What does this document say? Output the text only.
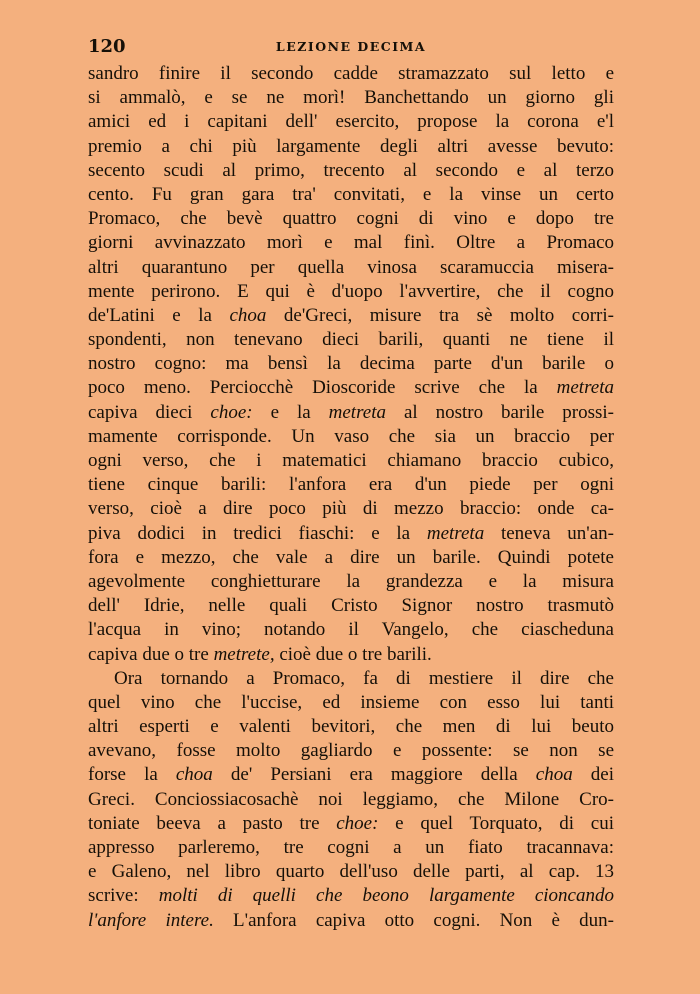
120	LEZIONE DECIMA
sandro finire il secondo cadde stramazzato sul letto e
si ammalò, e se ne morì! Banchettando un giorno gli
amici ed i capitani dell' esercito, propose la corona e'l
premio a chi più largamente degli altri avesse bevuto:
secento scudi al primo, trecento al secondo e al terzo
cento. Fu gran gara tra' convitati, e la vinse un certo
Promaco, che bevè quattro cogni di vino e dopo tre
giorni avvinazzato morì e mal finì. Oltre a Promaco
altri quarantuno per quella vinosa scaramuccia misera-
mente perirono. E qui è d'uopo l'avvertire, che il cogno
de'Latini e la choa de'Greci, misure tra sè molto corri-
spondenti, non tenevano dieci barili, quanti ne tiene il
nostro cogno: ma bensì la decima parte d'un barile o
poco meno. Perciocchè Dioscoride scrive che la metreta
capiva dieci choe: e la metreta al nostro barile prossi-
mamente corrisponde. Un vaso che sia un braccio per
ogni verso, che i matematici chiamano braccio cubico,
tiene cinque barili: l'anfora era d'un piede per ogni
verso, cioè a dire poco più di mezzo braccio: onde ca-
piva dodici in tredici fiaschi: e la metreta teneva un'an-
fora e mezzo, che vale a dire un barile. Quindi potete
agevolmente conghietturare la grandezza e la misura
dell' Idrie, nelle quali Cristo Signor nostro trasmutò
l'acqua in vino; notando il Vangelo, che ciascheduna
capiva due o tre metrete, cioè due o tre barili.
Ora tornando a Promaco, fa di mestiere il dire che
quel vino che l'uccise, ed insieme con esso lui tanti
altri esperti e valenti bevitori, che men di lui beuto
avevano, fosse molto gagliardo e possente: se non se
forse la choa de' Persiani era maggiore della choa dei
Greci. Conciossiacosachè noi leggiamo, che Milone Cro-
toniate beeva a pasto tre choe: e quel Torquato, di cui
appresso parleremo, tre cogni a un fiato tracannava:
e Galeno, nel libro quarto dell'uso delle parti, al cap. 13
scrive: molti di quelli che beono largamente cioncando
l'anfore intere. L'anfora capiva otto cogni. Non è dun-
